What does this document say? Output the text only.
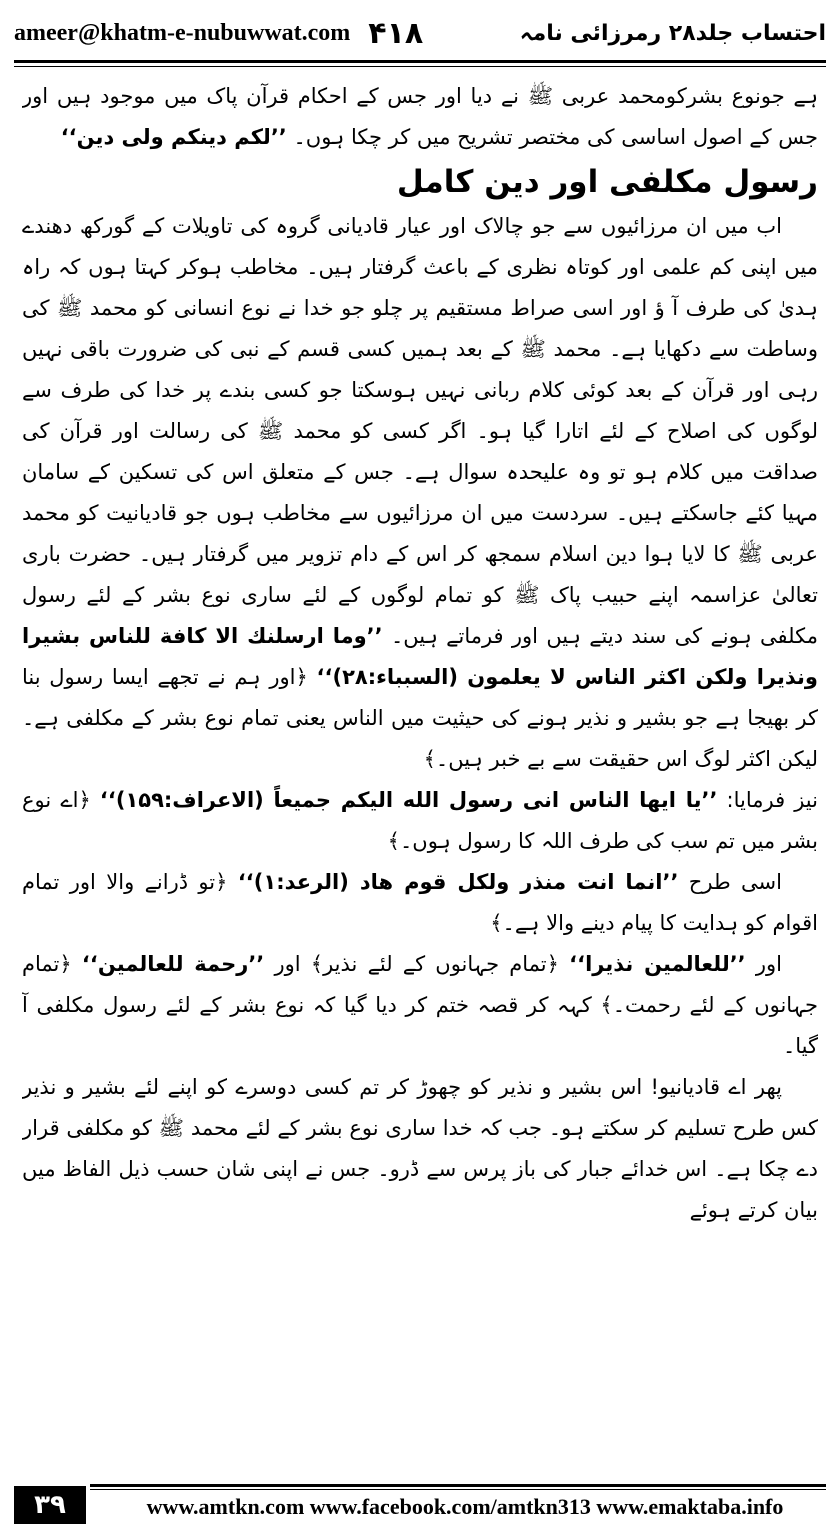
ameer@khatm-e-nubuwwat.com ۴۱۸	احتساب جلد۲۸ رمرزائی نامہ

ہے جونوع بشرکومحمد عربی ﷺ نے دیا اور جس کے احکام قرآن پاک میں موجود ہیں اور جس کے اصول اساسی کی مختصر تشریح میں کر چکا ہوں۔ ’’لکم دینکم ولی دین‘‘

رسول مکلفی اور دین کامل

اب میں ان مرزائیوں سے جو چالاک اور عیار قادیانی گروہ کی تاویلات کے گورکھ دھندے میں اپنی کم علمی اور کوتاہ نظری کے باعث گرفتار ہیں۔ مخاطب ہوکر کہتا ہوں کہ راہ ہدیٰ کی طرف آ ؤ اور اسی صراط مستقیم پر چلو جو خدا نے نوع انسانی کو محمد ﷺ کی وساطت سے دکھایا ہے۔ محمد ﷺ کے بعد ہمیں کسی قسم کے نبی کی ضرورت باقی نہیں رہی اور قرآن کے بعد کوئی کلام ربانی نہیں ہوسکتا جو کسی بندے پر خدا کی طرف سے لوگوں کی اصلاح کے لئے اتارا گیا ہو۔ اگر کسی کو محمد ﷺ کی رسالت اور قرآن کی صداقت میں کلام ہو تو وہ علیحدہ سوال ہے۔ جس کے متعلق اس کی تسکین کے سامان مہیا کئے جاسکتے ہیں۔ سردست میں ان مرزائیوں سے مخاطب ہوں جو قادیانیت کو محمد عربی ﷺ کا لایا ہوا دین اسلام سمجھ کر اس کے دام تزویر میں گرفتار ہیں۔ حضرت باری تعالیٰ عزاسمہ اپنے حبیب پاک ﷺ کو تمام لوگوں کے لئے ساری نوع بشر کے لئے رسول مکلفی ہونے کی سند دیتے ہیں اور فرماتے ہیں۔ ’’وما ارسلنك الا كافة للناس بشيرا ونذيرا ولكن اكثر الناس لا يعلمون (السبباء:۲۸)‘‘ ﴿اور ہم نے تجھے ایسا رسول بنا کر بھیجا ہے جو بشیر و نذیر ہونے کی حیثیت میں الناس یعنی تمام نوع بشر کے مکلفی ہے۔ لیکن اکثر لوگ اس حقیقت سے بے خبر ہیں۔﴾

نیز فرمایا: ’’یا ایها الناس انی رسول الله الیکم جمیعاً (الاعراف:۱۵۹)‘‘ ﴿اے نوع بشر میں تم سب کی طرف اللہ کا رسول ہوں۔﴾

اسی طرح ’’انما انت منذر ولكل قوم هاد (الرعد:۱)‘‘ ﴿تو ڈرانے والا اور تمام اقوام کو ہدایت کا پیام دینے والا ہے۔﴾

اور ’’للعالمین نذیرا‘‘ ﴿تمام جہانوں کے لئے نذیر﴾ اور ’’رحمة للعالمین‘‘ ﴿تمام جہانوں کے لئے رحمت۔﴾ کہہ کر قصہ ختم کر دیا گیا کہ نوع بشر کے لئے رسول مکلفی آ گیا۔

پھر اے قادیانیو! اس بشیر و نذیر کو چھوڑ کر تم کسی دوسرے کو اپنے لئے بشیر و نذیر کس طرح تسلیم کر سکتے ہو۔ جب کہ خدا ساری نوع بشر کے لئے محمد ﷺ کو مکلفی قرار دے چکا ہے۔ اس خدائے جبار کی باز پرس سے ڈرو۔ جس نے اپنی شان حسب ذیل الفاظ میں بیان کرتے ہوئے

۳۹	www.amtkn.com www.facebook.com/amtkn313 www.emaktaba.info
